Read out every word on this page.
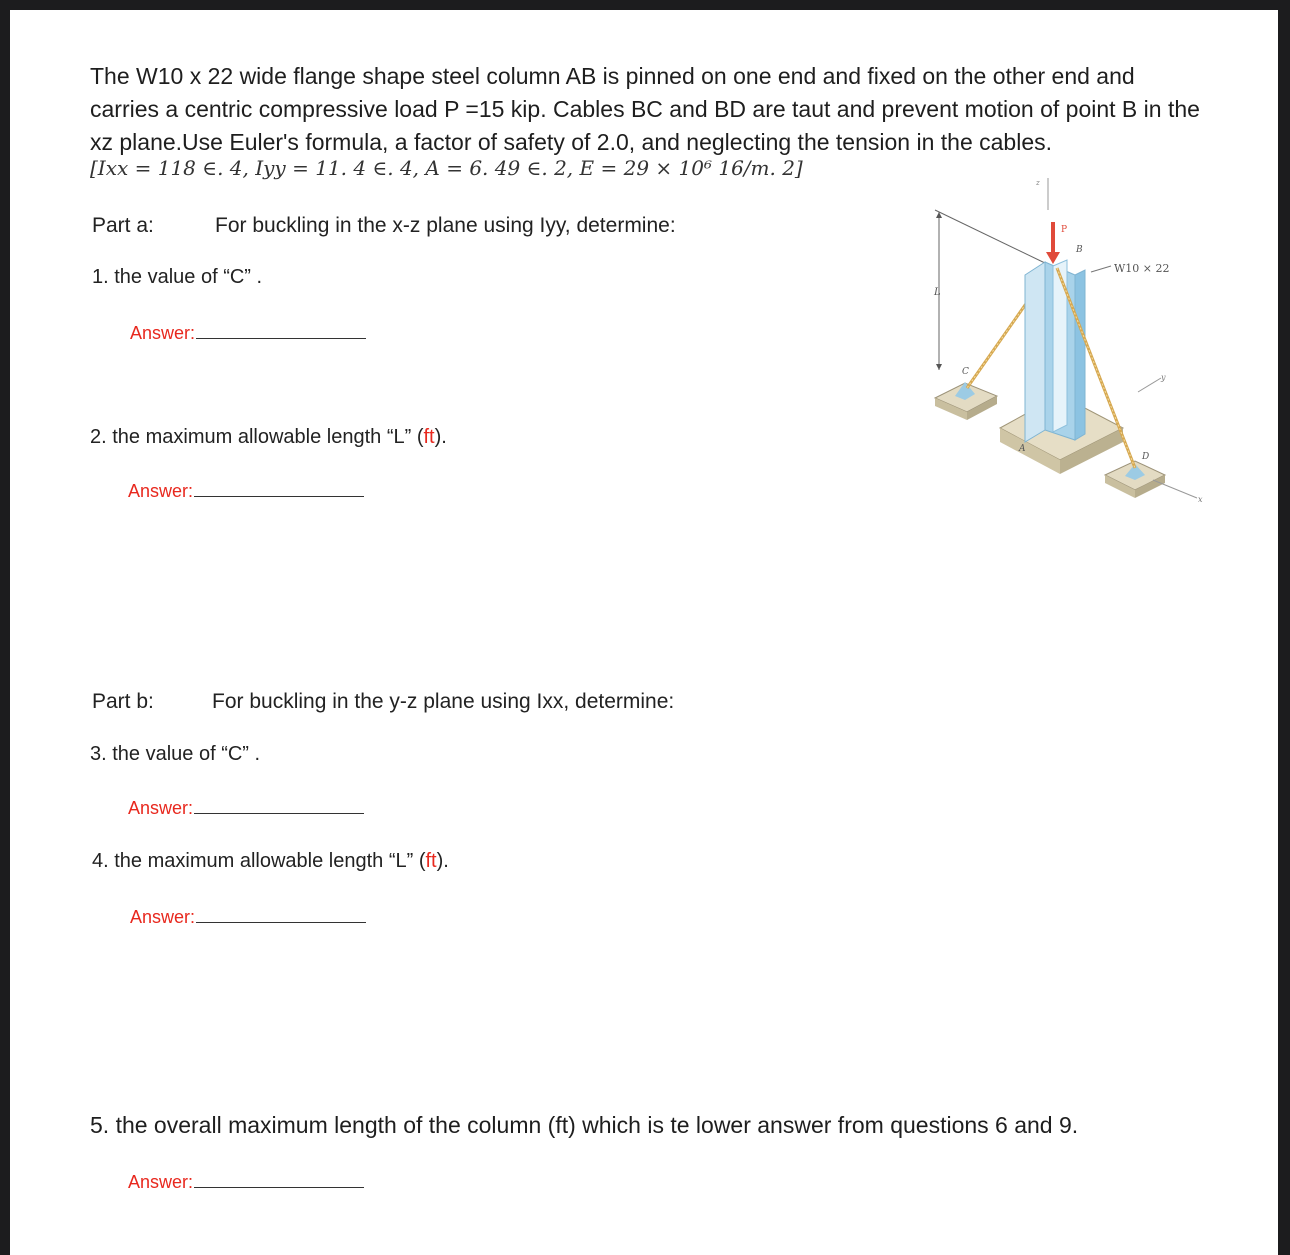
The W10 x 22 wide flange shape steel column AB is pinned on one end and fixed on the other end and carries a centric compressive load P =15 kip. Cables BC and BD are taut and prevent motion of point B in the xz plane.Use Euler's formula, a factor of safety of 2.0, and neglecting the tension in the cables.
[Ixx = 118 ∈. 4, Iyy = 11. 4 ∈. 4, A = 6. 49 ∈. 2, E = 29 × 10⁶ 16/m. 2]
Part a:	For buckling in the x-z plane using Iyy, determine:
1. the value of “C” .
Answer:
2. the maximum allowable length “L” (ft).
Answer:
Part b:	For buckling in the y-z plane using Ixx, determine:
3. the value of “C” .
Answer:
4. the maximum allowable length “L” (ft).
Answer:
5. the overall maximum length of the column (ft) which is te lower answer from questions 6 and 9.
Answer:
L
z
A
D
x
y
C
P
B
W10 × 22
